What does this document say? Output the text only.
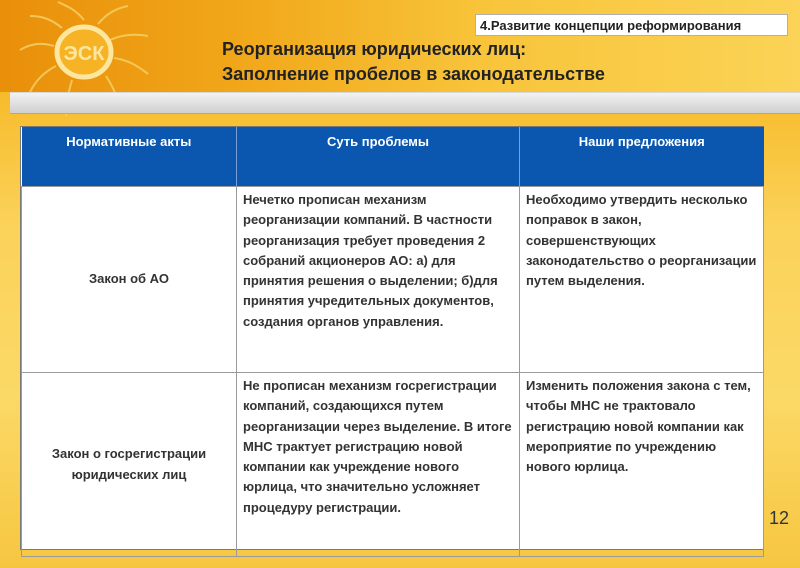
ЭСК
4.Развитие концепции реформирования
Реорганизация юридических лиц:
Заполнение пробелов в законодательстве
Нормативные акты	Суть проблемы	Наши предложения
Закон об АО	Нечетко прописан механизм реорганизации компаний. В частности реорганизация требует проведения 2 собраний акционеров АО: а) для принятия решения о выделении; б)для принятия учредительных документов, создания органов управления.	Необходимо утвердить несколько поправок в закон, совершенствующих законодательство о реорганизации путем выделения.
Закон о госрегистрации юридических лиц	Не прописан механизм госрегистрации компаний, создающихся путем реорганизации через выделение. В итоге МНС трактует регистрацию новой компании как учреждение нового юрлица, что значительно усложняет процедуру регистрации.	Изменить положения закона с тем, чтобы МНС не трактовало регистрацию новой компании как мероприятие по учреждению нового юрлица.
12
